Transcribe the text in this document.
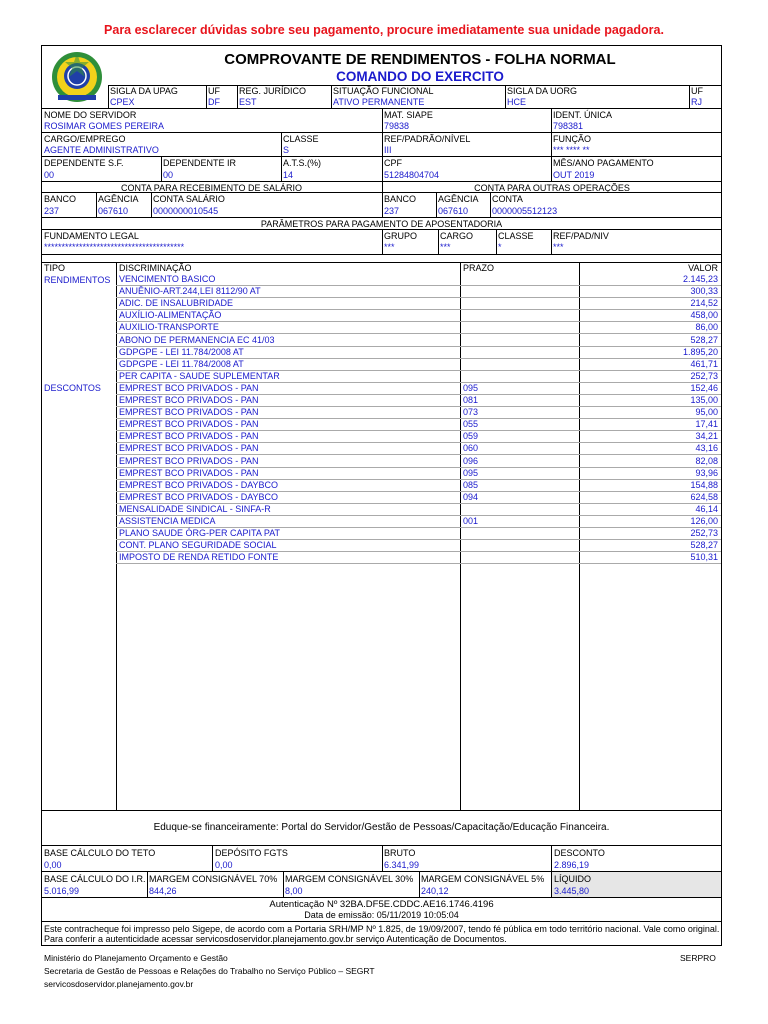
Para esclarecer dúvidas sobre seu pagamento, procure imediatamente sua unidade pagadora.
COMPROVANTE DE RENDIMENTOS - FOLHA NORMAL
COMANDO DO EXERCITO
SIGLA DA UPAG
CPEX
UF
DF
REG. JURÍDICO
EST
SITUAÇÃO FUNCIONAL
ATIVO PERMANENTE
SIGLA DA UORG
HCE
UF
RJ
NOME DO SERVIDOR
ROSIMAR GOMES PEREIRA
MAT. SIAPE
79838
IDENT. ÚNICA
798381
CARGO/EMPREGO
AGENTE ADMINISTRATIVO
CLASSE
S
REF/PADRÃO/NÍVEL
III
FUNÇÃO
*** **** **
DEPENDENTE S.F.
00
DEPENDENTE IR
00
A.T.S.(%)
14
CPF
51284804704
MÊS/ANO PAGAMENTO
OUT 2019
CONTA PARA RECEBIMENTO DE SALÁRIO	CONTA PARA OUTRAS OPERAÇÕES
BANCO
237
AGÊNCIA
067610
CONTA SALÁRIO
0000000010545
BANCO
237
AGÊNCIA
067610
CONTA
0000005512123
PARÂMETROS PARA PAGAMENTO DE APOSENTADORIA
FUNDAMENTO LEGAL
****************************************
GRUPO
***
CARGO
***
CLASSE
*
REF/PAD/NIV
***
TIPO	DISCRIMINAÇÃO	PRAZO	VALOR
RENDIMENTOS
DESCONTOS
VENCIMENTO BASICO	2.145,23
ANUÊNIO-ART.244,LEI 8112/90 AT	300,33
ADIC. DE INSALUBRIDADE	214,52
AUXÍLIO-ALIMENTAÇÃO	458,00
AUXILIO-TRANSPORTE	86,00
ABONO DE PERMANENCIA EC 41/03	528,27
GDPGPE - LEI 11.784/2008 AT	1.895,20
GDPGPE - LEI 11.784/2008 AT	461,71
PER CAPITA - SAUDE SUPLEMENTAR	252,73
EMPREST BCO PRIVADOS - PAN	095	152,46
EMPREST BCO PRIVADOS - PAN	081	135,00
EMPREST BCO PRIVADOS - PAN	073	95,00
EMPREST BCO PRIVADOS - PAN	055	17,41
EMPREST BCO PRIVADOS - PAN	059	34,21
EMPREST BCO PRIVADOS - PAN	060	43,16
EMPREST BCO PRIVADOS - PAN	096	82,08
EMPREST BCO PRIVADOS - PAN	095	93,96
EMPREST BCO PRIVADOS - DAYBCO	085	154,88
EMPREST BCO PRIVADOS - DAYBCO	094	624,58
MENSALIDADE SINDICAL - SINFA-R	46,14
ASSISTENCIA MEDICA	001	126,00
PLANO SAUDE ÓRG-PER CAPITA PAT	252,73
CONT. PLANO SEGURIDADE SOCIAL	528,27
IMPOSTO DE RENDA RETIDO FONTE	510,31
Eduque-se financeiramente: Portal do Servidor/Gestão de Pessoas/Capacitação/Educação Financeira.
BASE CÁLCULO DO TETO
0,00
DEPÓSITO FGTS
0,00
BRUTO
6.341,99
DESCONTO
2.896,19
BASE CÁLCULO DO I.R.
5.016,99
MARGEM CONSIGNÁVEL 70%
844,26
MARGEM CONSIGNÁVEL 30%
8,00
MARGEM CONSIGNÁVEL 5%
240,12
LÍQUIDO
3.445,80
Autenticação Nº 32BA.DF5E.CDDC.AE16.1746.4196
Data de emissão: 05/11/2019 10:05:04
Este contracheque foi impresso pelo Sigepe, de acordo com a Portaria SRH/MP Nº 1.825, de 19/09/2007, tendo fé pública em todo território nacional. Vale como original. Para conferir a autenticidade acessar servicosdoservidor.planejamento.gov.br serviço Autenticação de Documentos.
Ministério do Planejamento Orçamento e Gestão
Secretaria de Gestão de Pessoas e Relações do Trabalho no Serviço Público – SEGRT
servicosdoservidor.planejamento.gov.br
SERPRO
